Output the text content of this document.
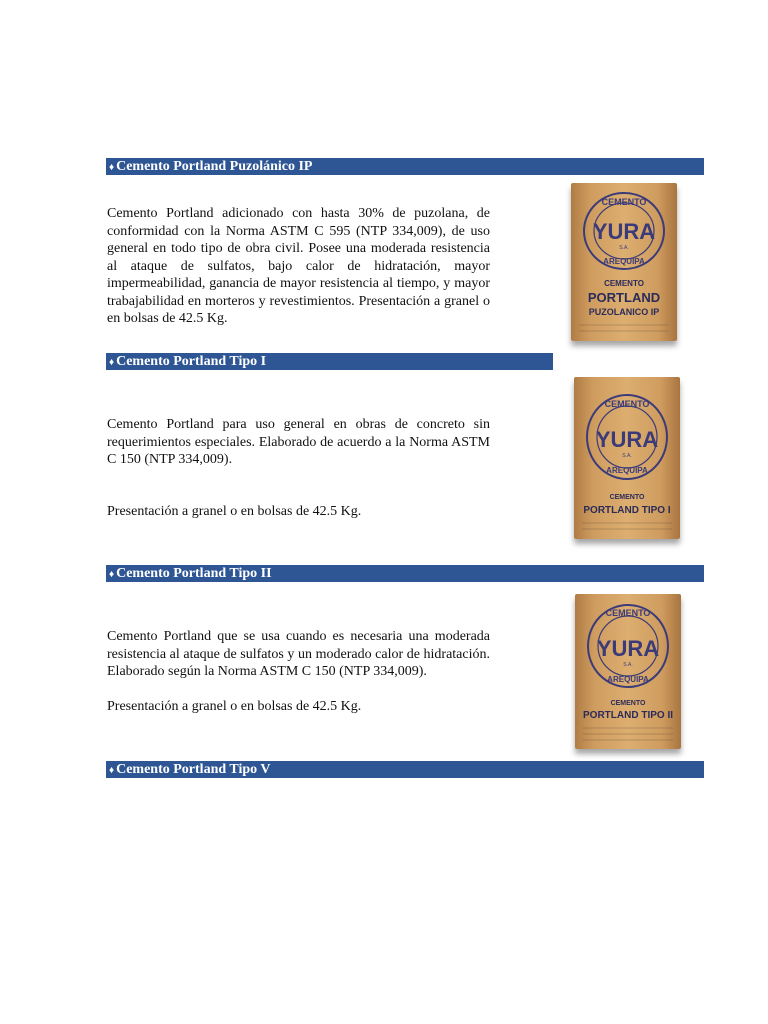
♦ Cemento Portland Puzolánico IP

Cemento Portland adicionado con hasta 30% de puzolana, de conformidad con la Norma ASTM C 595 (NTP 334,009), de uso general en todo tipo de obra civil. Posee una moderada resistencia al ataque de sulfatos, bajo calor de hidratación, mayor impermeabilidad, ganancia de mayor resistencia al tiempo, y mayor trabajabilidad en morteros y revestimientos. Presentación a granel o en bolsas de 42.5 Kg.

CEMENTO
YURA
S.A.
AREQUIPA
CEMENTO
PORTLAND
PUZOLANICO IP
♦ Cemento Portland Tipo I

Cemento Portland para uso general en obras de concreto sin requerimientos especiales. Elaborado de acuerdo a la Norma ASTM C 150 (NTP 334,009).

Presentación a granel o en bolsas de 42.5 Kg.

CEMENTO
YURA
S.A.
AREQUIPA
CEMENTO
PORTLAND TIPO I
♦ Cemento Portland Tipo II

Cemento Portland que se usa cuando es necesaria una moderada resistencia al ataque de sulfatos y un moderado calor de hidratación. Elaborado según la Norma ASTM C 150 (NTP 334,009).

Presentación a granel o en bolsas de 42.5 Kg.

CEMENTO
YURA
S.A.
AREQUIPA
CEMENTO
PORTLAND TIPO II
♦ Cemento Portland Tipo V
